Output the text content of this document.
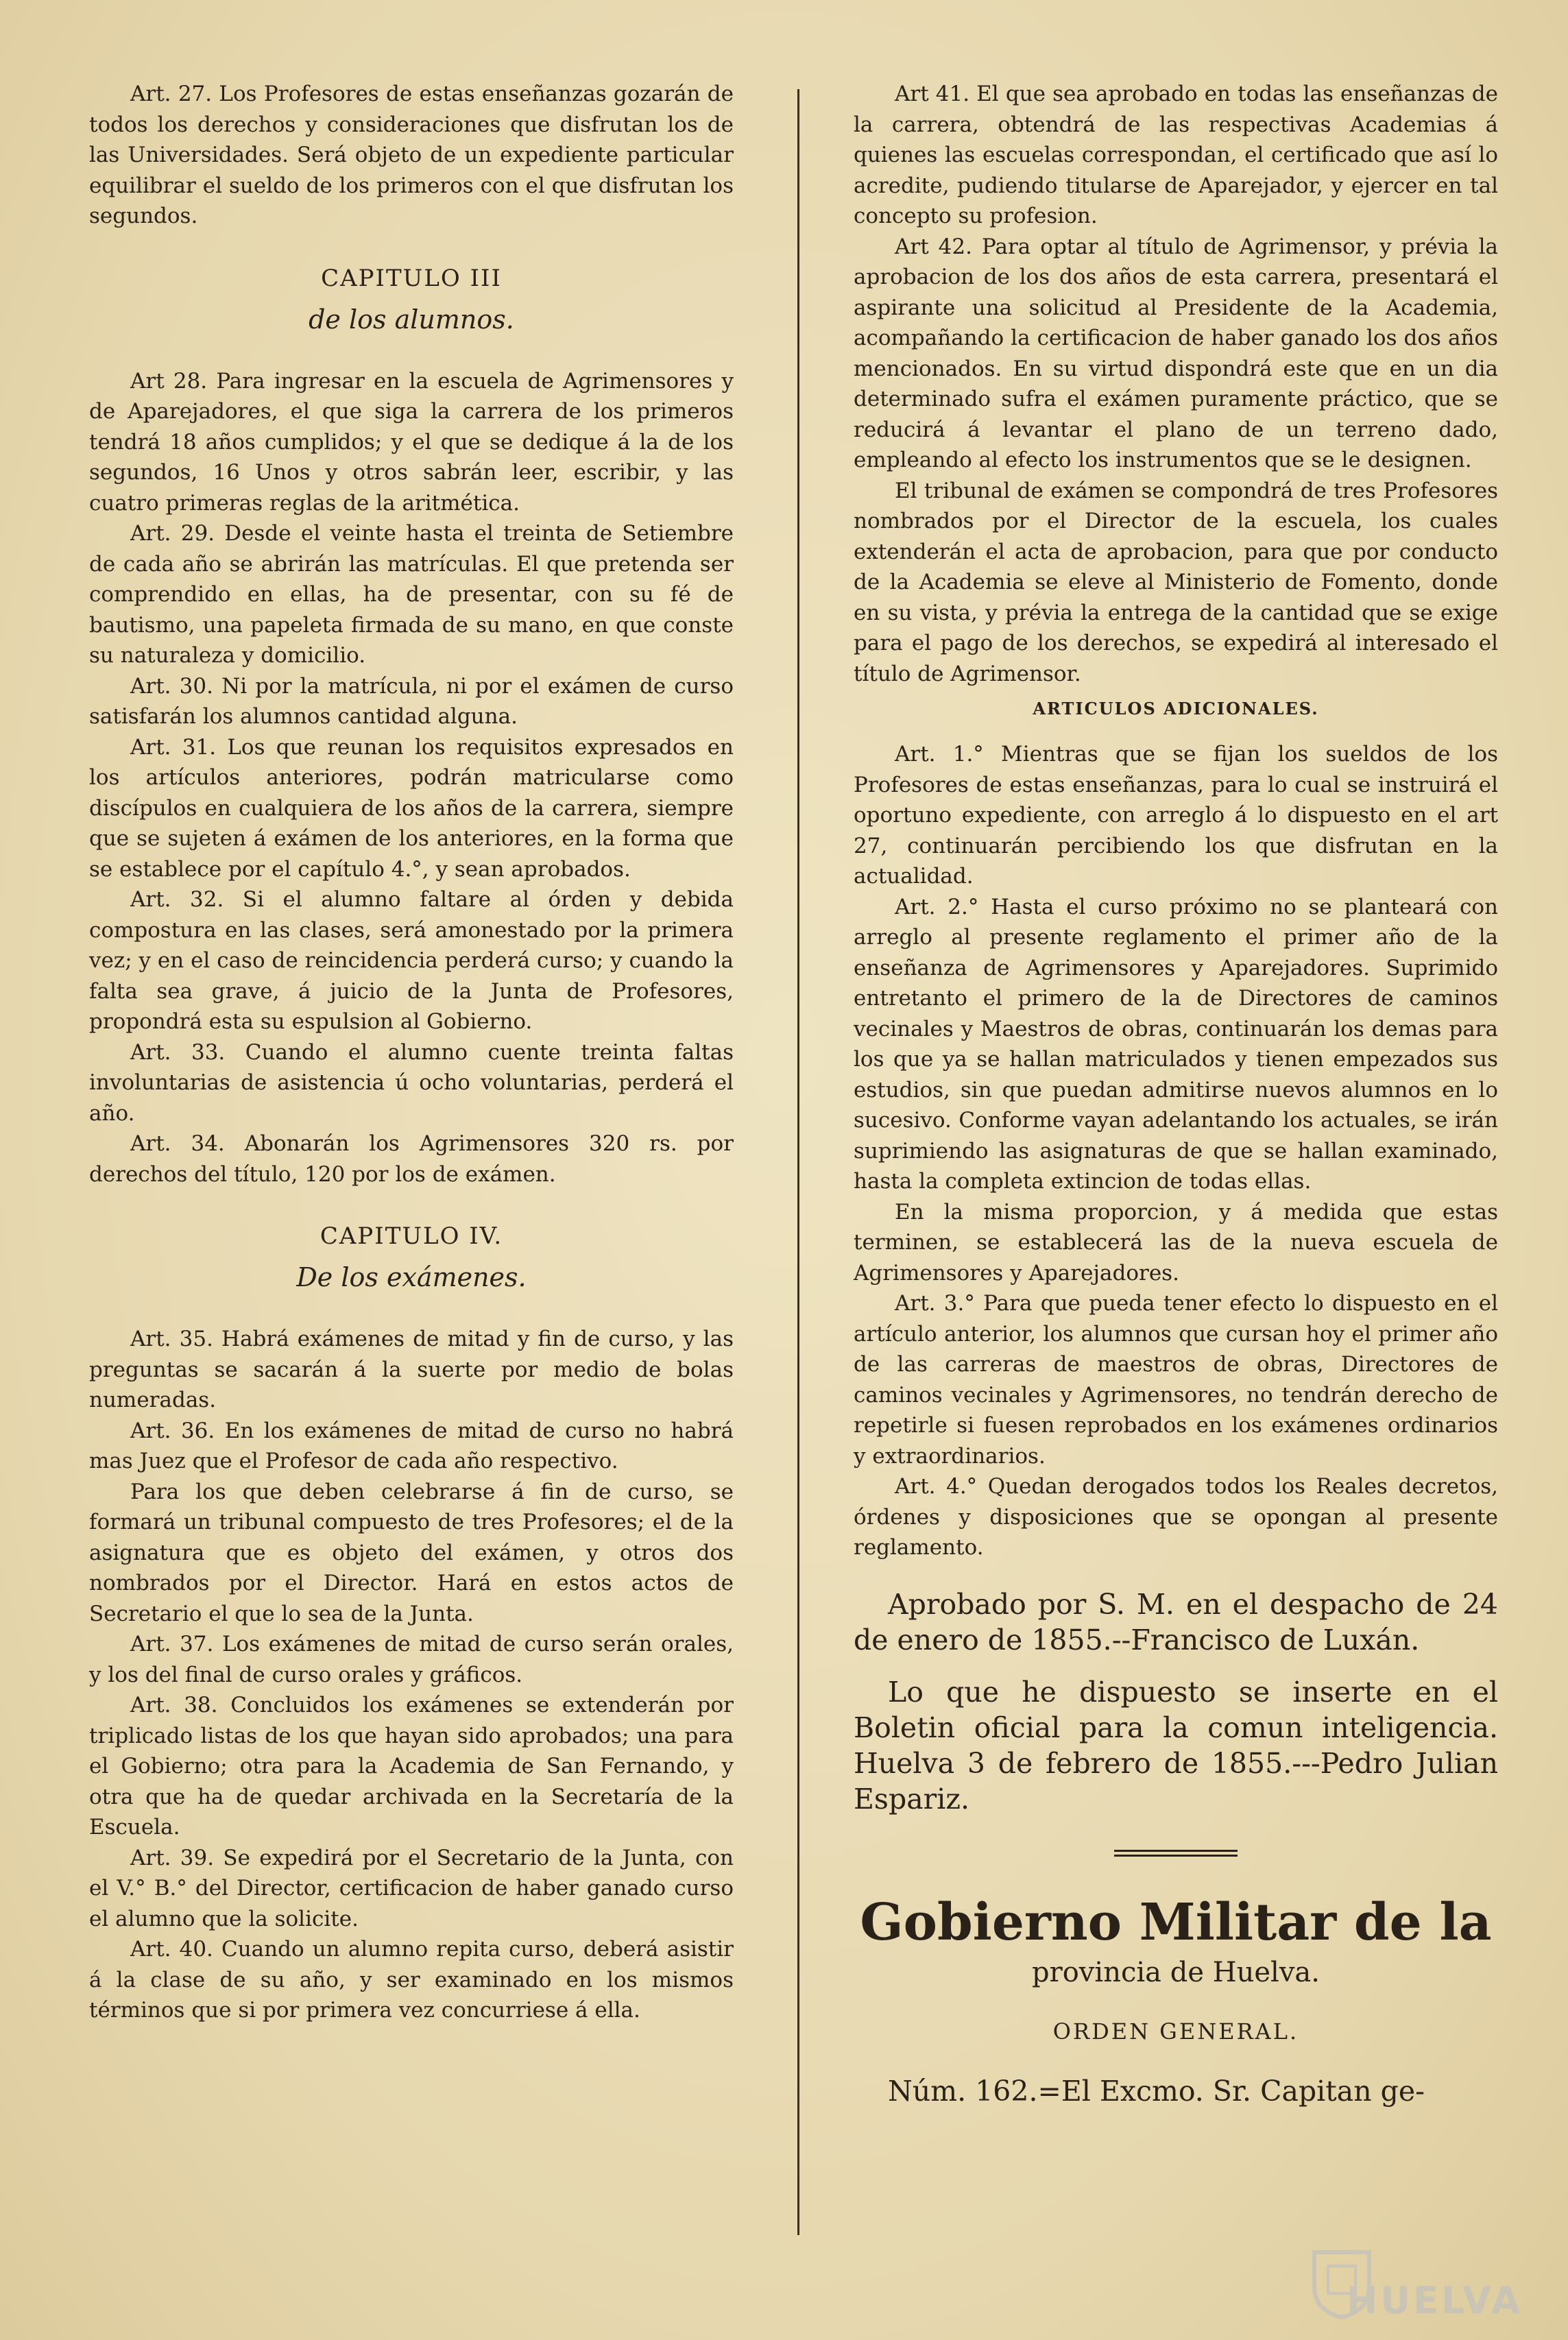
Art. 27. Los Profesores de estas enseñanzas gozarán de todos los derechos y consideraciones que disfrutan los de las Universidades. Será objeto de un expediente particular equilibrar el sueldo de los primeros con el que disfrutan los segundos.

CAPITULO III
de los alumnos.

Art 28. Para ingresar en la escuela de Agrimensores y de Aparejadores, el que siga la carrera de los primeros tendrá 18 años cumplidos; y el que se dedique á la de los segundos, 16 Unos y otros sabrán leer, escribir, y las cuatro primeras reglas de la aritmética.

Art. 29. Desde el veinte hasta el treinta de Setiembre de cada año se abrirán las matrículas. El que pretenda ser comprendido en ellas, ha de presentar, con su fé de bautismo, una papeleta firmada de su mano, en que conste su naturaleza y domicilio.

Art. 30. Ni por la matrícula, ni por el exámen de curso satisfarán los alumnos cantidad alguna.

Art. 31. Los que reunan los requisitos expresados en los artículos anteriores, podrán matricularse como discípulos en cualquiera de los años de la carrera, siempre que se sujeten á exámen de los anteriores, en la forma que se establece por el capítulo 4.°, y sean aprobados.

Art. 32. Si el alumno faltare al órden y debida compostura en las clases, será amonestado por la primera vez; y en el caso de reincidencia perderá curso; y cuando la falta sea grave, á juicio de la Junta de Profesores, propondrá esta su espulsion al Gobierno.

Art. 33. Cuando el alumno cuente treinta faltas involuntarias de asistencia ú ocho voluntarias, perderá el año.

Art. 34. Abonarán los Agrimensores 320 rs. por derechos del título, 120 por los de exámen.

CAPITULO IV.
De los exámenes.

Art. 35. Habrá exámenes de mitad y fin de curso, y las preguntas se sacarán á la suerte por medio de bolas numeradas.

Art. 36. En los exámenes de mitad de curso no habrá mas Juez que el Profesor de cada año respectivo.

Para los que deben celebrarse á fin de curso, se formará un tribunal compuesto de tres Profesores; el de la asignatura que es objeto del exámen, y otros dos nombrados por el Director. Hará en estos actos de Secretario el que lo sea de la Junta.

Art. 37. Los exámenes de mitad de curso serán orales, y los del final de curso orales y gráficos.

Art. 38. Concluidos los exámenes se extenderán por triplicado listas de los que hayan sido aprobados; una para el Gobierno; otra para la Academia de San Fernando, y otra que ha de quedar archivada en la Secretaría de la Escuela.

Art. 39. Se expedirá por el Secretario de la Junta, con el V.° B.° del Director, certificacion de haber ganado curso el alumno que la solicite.

Art. 40. Cuando un alumno repita curso, deberá asistir á la clase de su año, y ser examinado en los mismos términos que si por primera vez concurriese á ella.

Art 41. El que sea aprobado en todas las enseñanzas de la carrera, obtendrá de las respectivas Academias á quienes las escuelas correspondan, el certificado que así lo acredite, pudiendo titularse de Aparejador, y ejercer en tal concepto su profesion.

Art 42. Para optar al título de Agrimensor, y prévia la aprobacion de los dos años de esta carrera, presentará el aspirante una solicitud al Presidente de la Academia, acompañando la certificacion de haber ganado los dos años mencionados. En su virtud dispondrá este que en un dia determinado sufra el exámen puramente práctico, que se reducirá á levantar el plano de un terreno dado, empleando al efecto los instrumentos que se le designen.

El tribunal de exámen se compondrá de tres Profesores nombrados por el Director de la escuela, los cuales extenderán el acta de aprobacion, para que por conducto de la Academia se eleve al Ministerio de Fomento, donde en su vista, y prévia la entrega de la cantidad que se exige para el pago de los derechos, se expedirá al interesado el título de Agrimensor.

ARTICULOS ADICIONALES.

Art. 1.° Mientras que se fijan los sueldos de los Profesores de estas enseñanzas, para lo cual se instruirá el oportuno expediente, con arreglo á lo dispuesto en el art 27, continuarán percibiendo los que disfrutan en la actualidad.

Art. 2.° Hasta el curso próximo no se planteará con arreglo al presente reglamento el primer año de la enseñanza de Agrimensores y Aparejadores. Suprimido entretanto el primero de la de Directores de caminos vecinales y Maestros de obras, continuarán los demas para los que ya se hallan matriculados y tienen empezados sus estudios, sin que puedan admitirse nuevos alumnos en lo sucesivo. Conforme vayan adelantando los actuales, se irán suprimiendo las asignaturas de que se hallan examinado, hasta la completa extincion de todas ellas.

En la misma proporcion, y á medida que estas terminen, se establecerá las de la nueva escuela de Agrimensores y Aparejadores.

Art. 3.° Para que pueda tener efecto lo dispuesto en el artículo anterior, los alumnos que cursan hoy el primer año de las carreras de maestros de obras, Directores de caminos vecinales y Agrimensores, no tendrán derecho de repetirle si fuesen reprobados en los exámenes ordinarios y extraordinarios.

Art. 4.° Quedan derogados todos los Reales decretos, órdenes y disposiciones que se opongan al presente reglamento.

Aprobado por S. M. en el despacho de 24 de enero de 1855.--Francisco de Luxán.

Lo que he dispuesto se inserte en el Boletin oficial para la comun inteligencia. Huelva 3 de febrero de 1855.---Pedro Julian Espariz.

Gobierno Militar de la
provincia de Huelva.
ORDEN GENERAL.

Núm. 162.=El Excmo. Sr. Capitan ge-

HUELVA
